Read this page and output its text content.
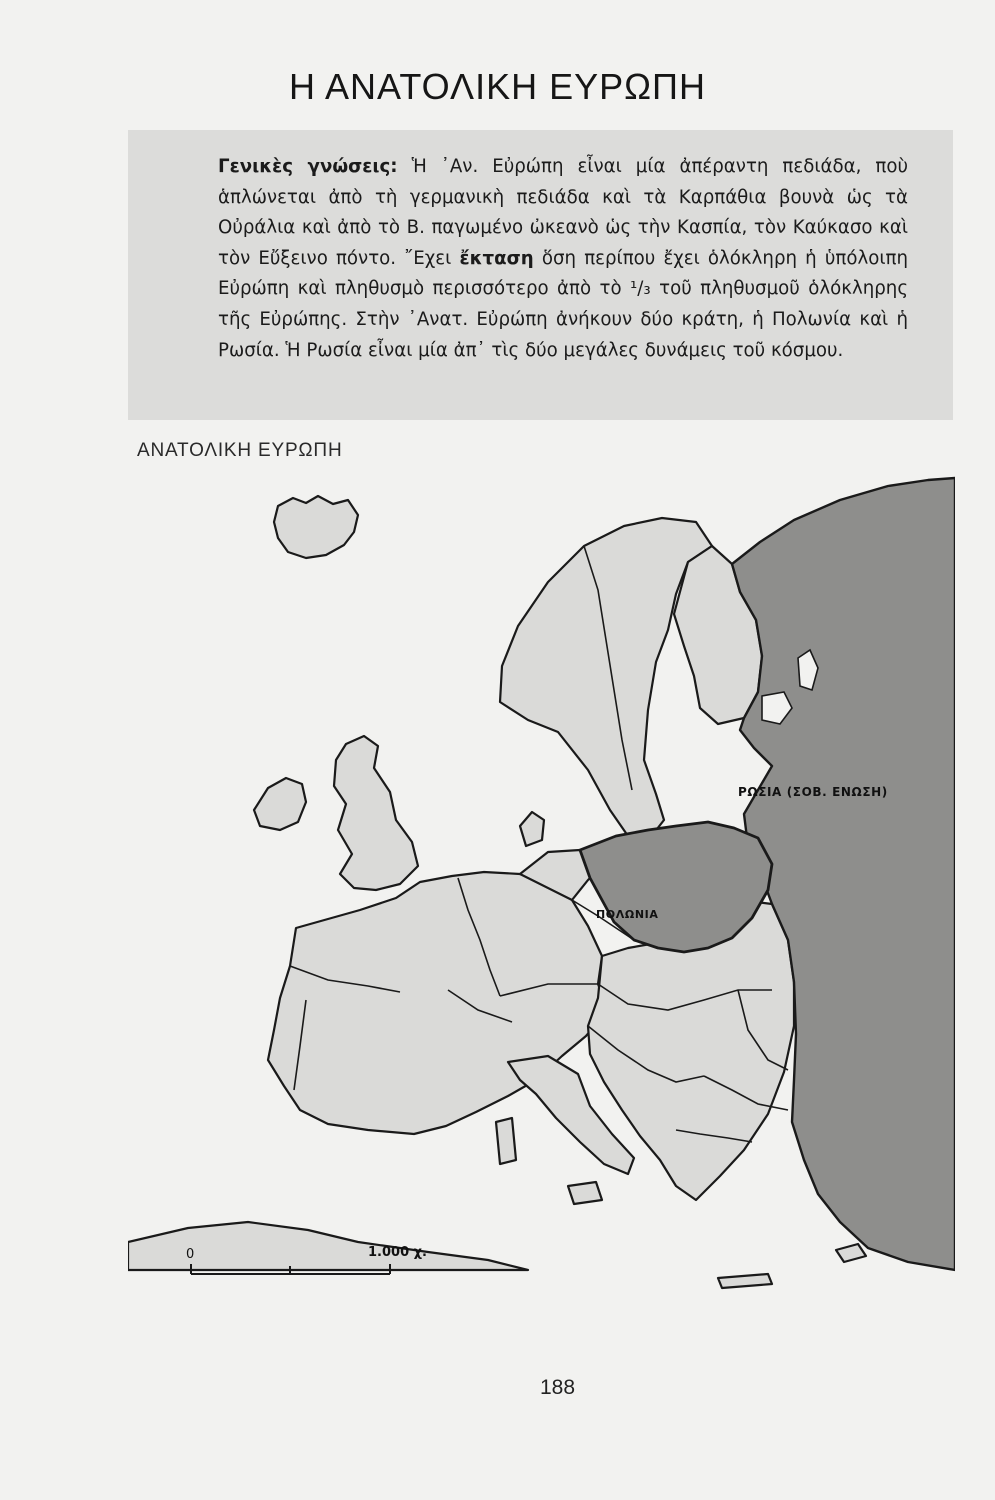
Η ΑΝΑΤΟΛΙΚΗ ΕΥΡΩΠΗ
Γενικὲς γνώσεις: Ἡ ᾿Αν. Εὐρώπη εἶναι μία ἀπέραντη πεδιάδα, ποὺ ἁπλώνεται ἀπὸ τὴ γερμανικὴ πεδιάδα καὶ τὰ Καρπάθια βουνὰ ὡς τὰ Οὐράλια καὶ ἀπὸ τὸ Β. παγωμένο ὠκεανὸ ὡς τὴν Κασπία, τὸν Καύκασο καὶ τὸν Εὔξεινο πόντο. ῎Εχει ἔκταση ὅση περίπου ἔχει ὁλόκληρη ἡ ὑπόλοιπη Εὐρώπη καὶ πληθυσμὸ περισσότερο ἀπὸ τὸ ¹/₃ τοῦ πληθυσμοῦ ὁλόκληρης τῆς Εὐρώπης. Στὴν ᾿Ανατ. Εὐρώπη ἀνήκουν δύο κράτη, ἡ Πολωνία καὶ ἡ Ρωσία. Ἡ Ρωσία εἶναι μία ἀπ᾿ τὶς δύο μεγάλες δυνάμεις τοῦ κόσμου.
ΑΝΑΤΟΛΙΚΗ ΕΥΡΩΠΗ
ΡΩΣΙΑ (ΣΟΒ. ΕΝΩΣΗ)
ΠΟΛΩΝΙΑ
0	1.000 χ.
188
